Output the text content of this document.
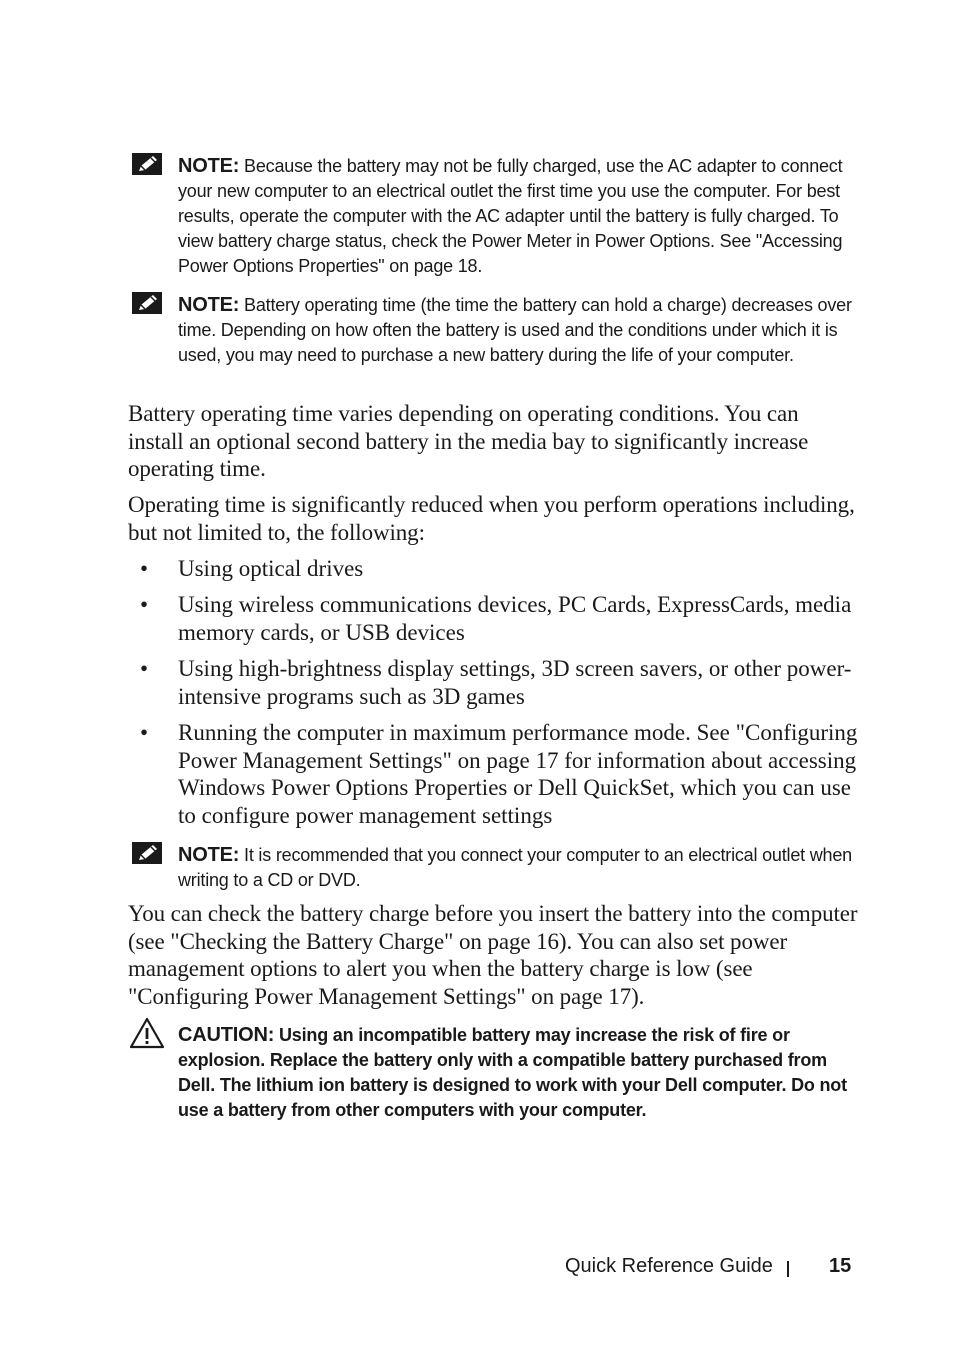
NOTE: Because the battery may not be fully charged, use the AC adapter to connect your new computer to an electrical outlet the first time you use the computer. For best results, operate the computer with the AC adapter until the battery is fully charged. To view battery charge status, check the Power Meter in Power Options. See "Accessing Power Options Properties" on page 18.
NOTE: Battery operating time (the time the battery can hold a charge) decreases over time. Depending on how often the battery is used and the conditions under which it is used, you may need to purchase a new battery during the life of your computer.

Battery operating time varies depending on operating conditions. You can install an optional second battery in the media bay to significantly increase operating time.

Operating time is significantly reduced when you perform operations including, but not limited to, the following:

• Using optical drives
• Using wireless communications devices, PC Cards, ExpressCards, media memory cards, or USB devices
• Using high-brightness display settings, 3D screen savers, or other power-intensive programs such as 3D games
• Running the computer in maximum performance mode. See "Configuring Power Management Settings" on page 17 for information about accessing Windows Power Options Properties or Dell QuickSet, which you can use to configure power management settings
NOTE: It is recommended that you connect your computer to an electrical outlet when writing to a CD or DVD.

You can check the battery charge before you insert the battery into the computer (see "Checking the Battery Charge" on page 16). You can also set power management options to alert you when the battery charge is low (see "Configuring Power Management Settings" on page 17).

CAUTION: Using an incompatible battery may increase the risk of fire or explosion. Replace the battery only with a compatible battery purchased from Dell. The lithium ion battery is designed to work with your Dell computer. Do not use a battery from other computers with your computer.
Quick Reference Guide	15
